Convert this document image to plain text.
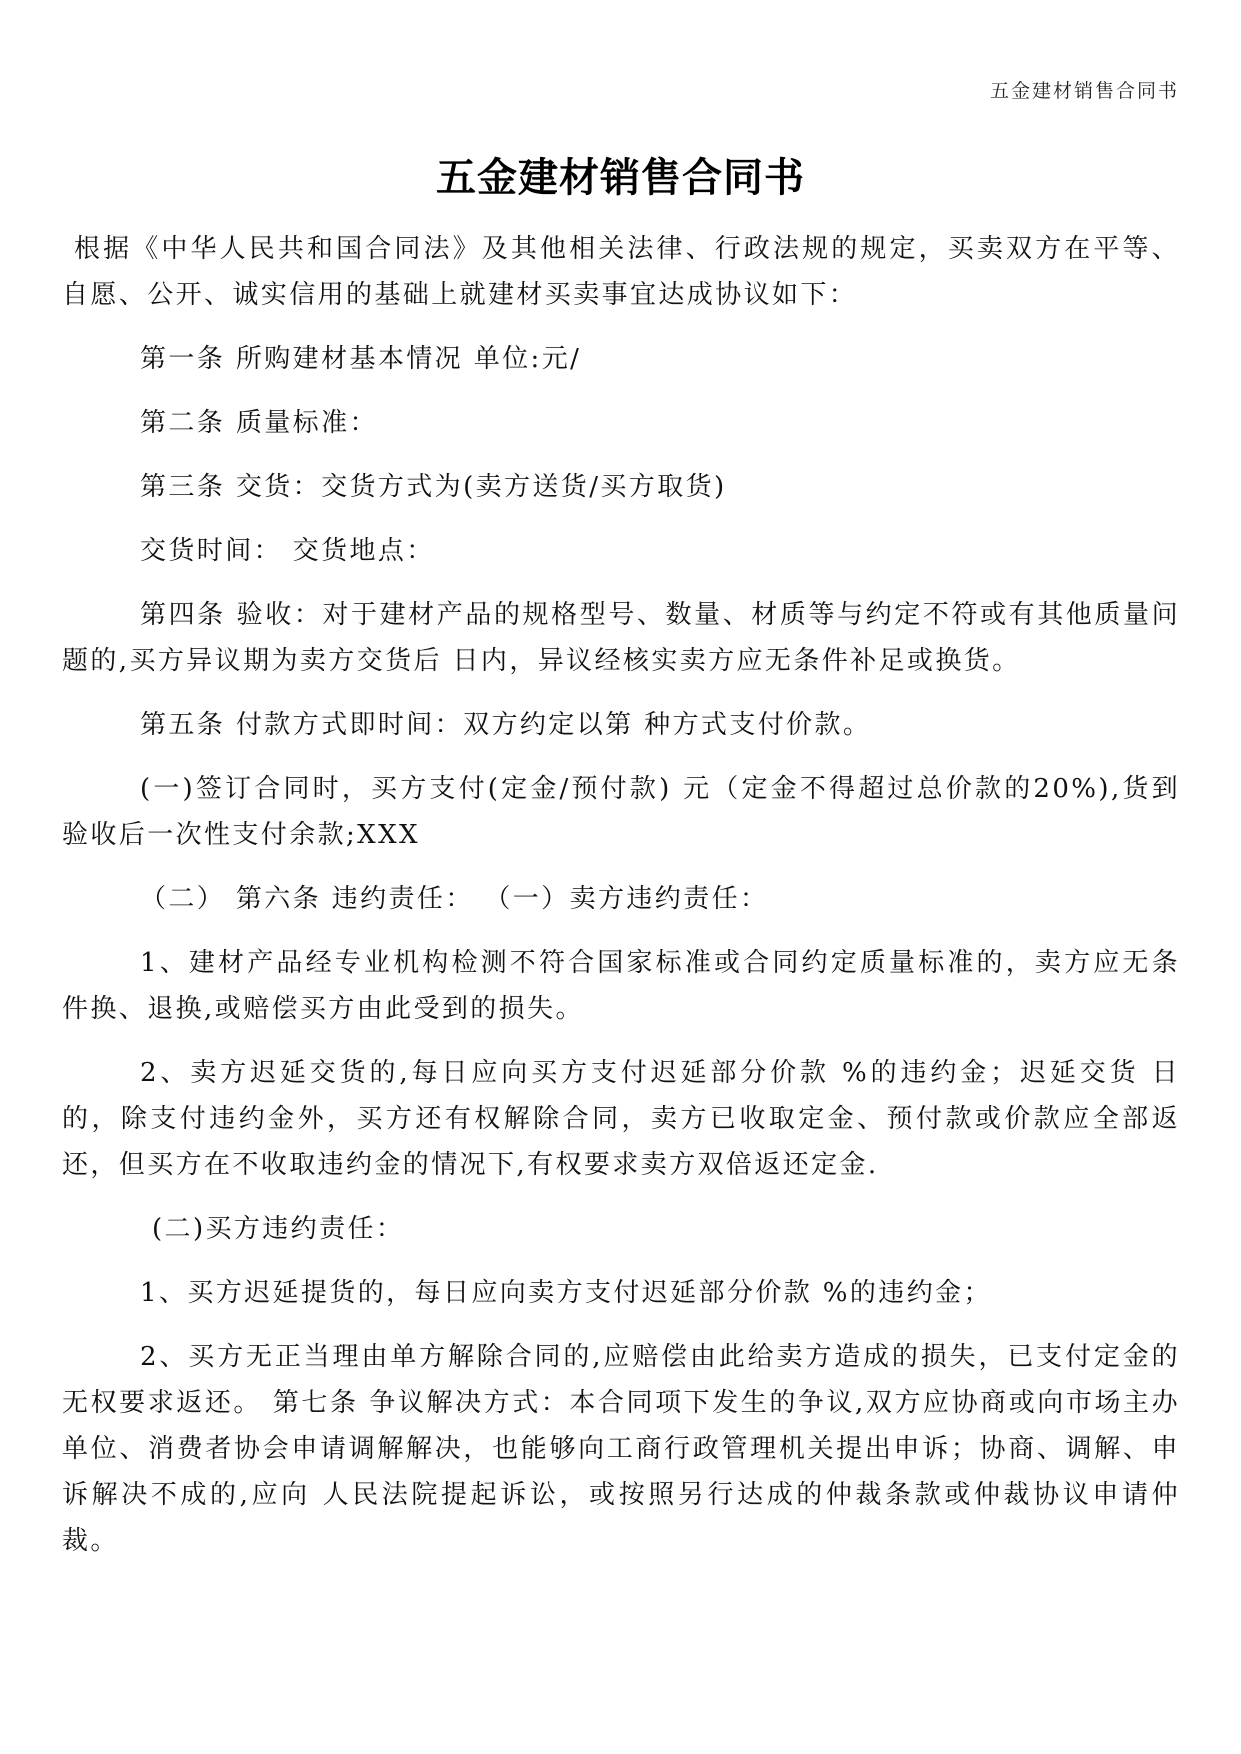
五金建材销售合同书
五金建材销售合同书

根据《中华人民共和国合同法》及其他相关法律、行政法规的规定，买卖双方在平等、自愿、公开、诚实信用的基础上就建材买卖事宜达成协议如下：

第一条 所购建材基本情况 单位:元/

第二条 质量标准：

第三条 交货：交货方式为(卖方送货/买方取货)

交货时间： 交货地点：

第四条 验收：对于建材产品的规格型号、数量、材质等与约定不符或有其他质量问题的,买方异议期为卖方交货后 日内，异议经核实卖方应无条件补足或换货。

第五条 付款方式即时间：双方约定以第 种方式支付价款。

(一)签订合同时，买方支付(定金/预付款) 元（定金不得超过总价款的20%),货到验收后一次性支付余款;XXX

（二） 第六条 违约责任： （一）卖方违约责任：

1、建材产品经专业机构检测不符合国家标准或合同约定质量标准的，卖方应无条件换、退换,或赔偿买方由此受到的损失。

2、卖方迟延交货的,每日应向买方支付迟延部分价款 %的违约金；迟延交货 日的，除支付违约金外，买方还有权解除合同，卖方已收取定金、预付款或价款应全部返还，但买方在不收取违约金的情况下,有权要求卖方双倍返还定金.

(二)买方违约责任：

1、买方迟延提货的，每日应向卖方支付迟延部分价款 %的违约金；

2、买方无正当理由单方解除合同的,应赔偿由此给卖方造成的损失，已支付定金的无权要求返还。 第七条 争议解决方式：本合同项下发生的争议,双方应协商或向市场主办单位、消费者协会申请调解解决，也能够向工商行政管理机关提出申诉；协商、调解、申诉解决不成的,应向 人民法院提起诉讼，或按照另行达成的仲裁条款或仲裁协议申请仲裁。
